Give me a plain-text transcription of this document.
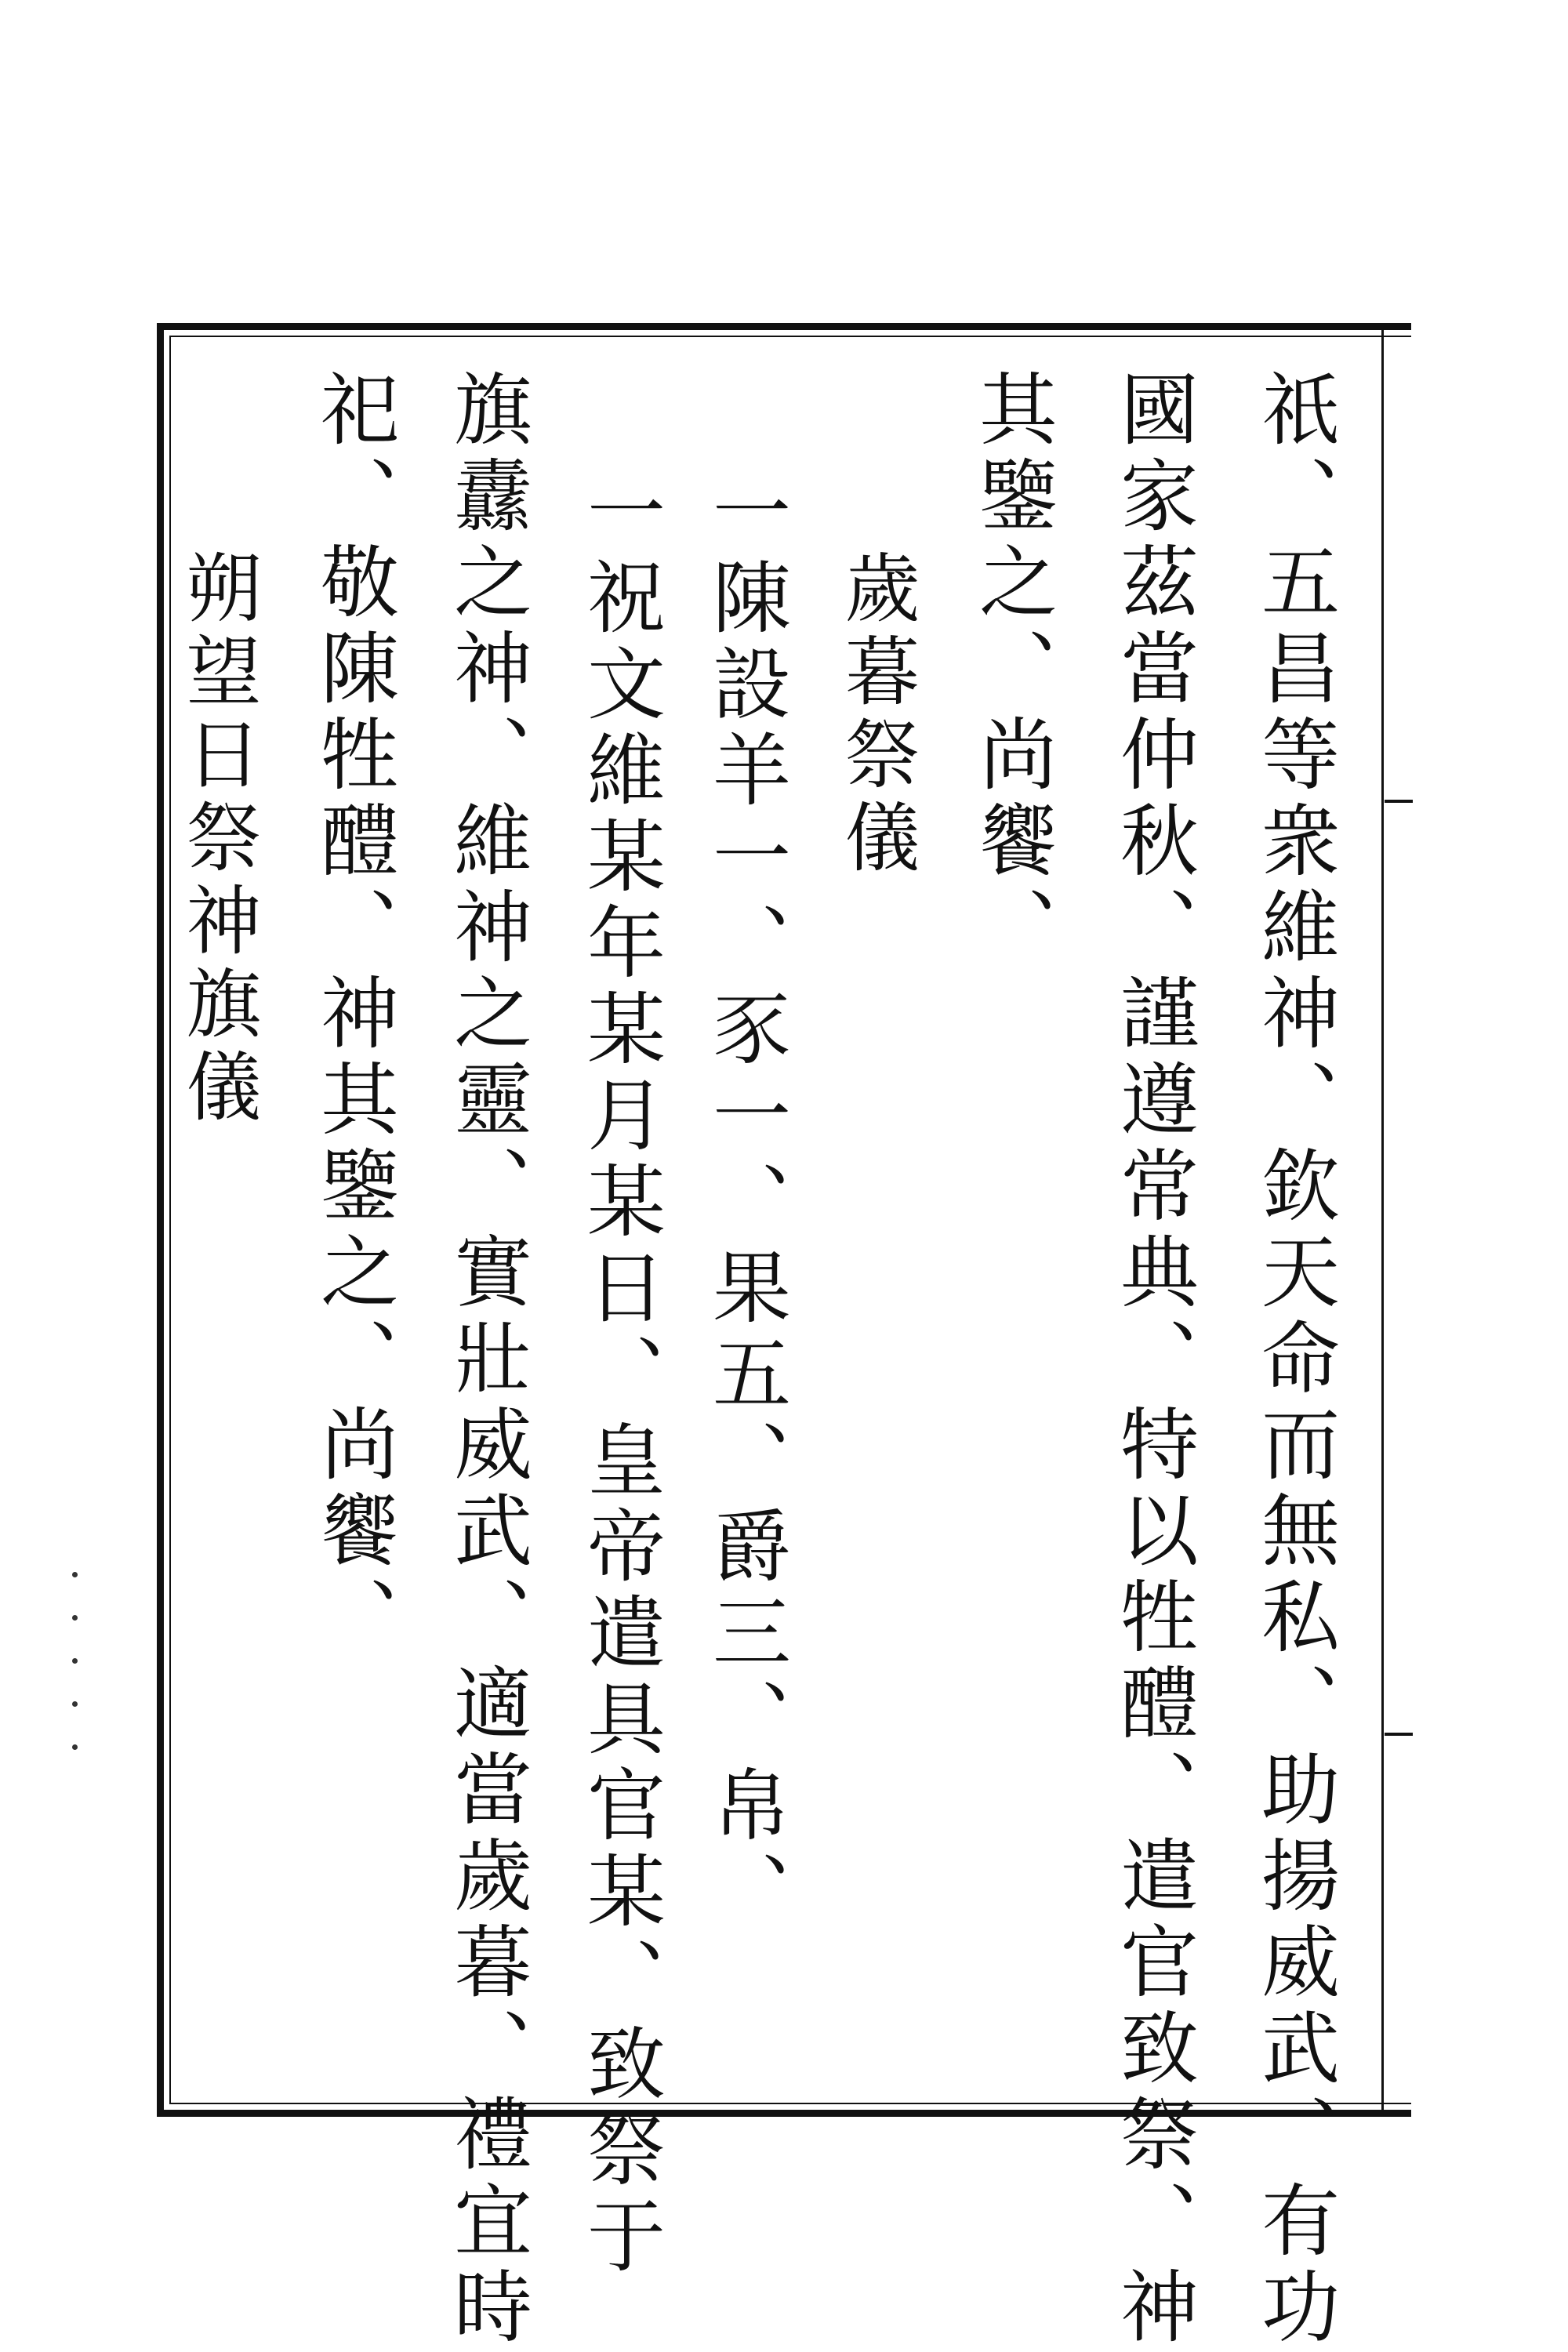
祇、五昌等衆維神、欽天命而無私、助揚威武、有功
國家茲當仲秋、謹遵常典、特以牲醴、遣官致祭、神
其鑒之、尚饗、
歲暮祭儀
一陳設羊一、豕一、果五、爵三、帛、
一祝文維某年某月某日、皇帝遣具官某、致祭于
旗纛之神、維神之靈、實壯威武、適當歲暮、禮宜時
祀、敬陳牲醴、神其鑒之、尚饗、
朔望日祭神旗儀
